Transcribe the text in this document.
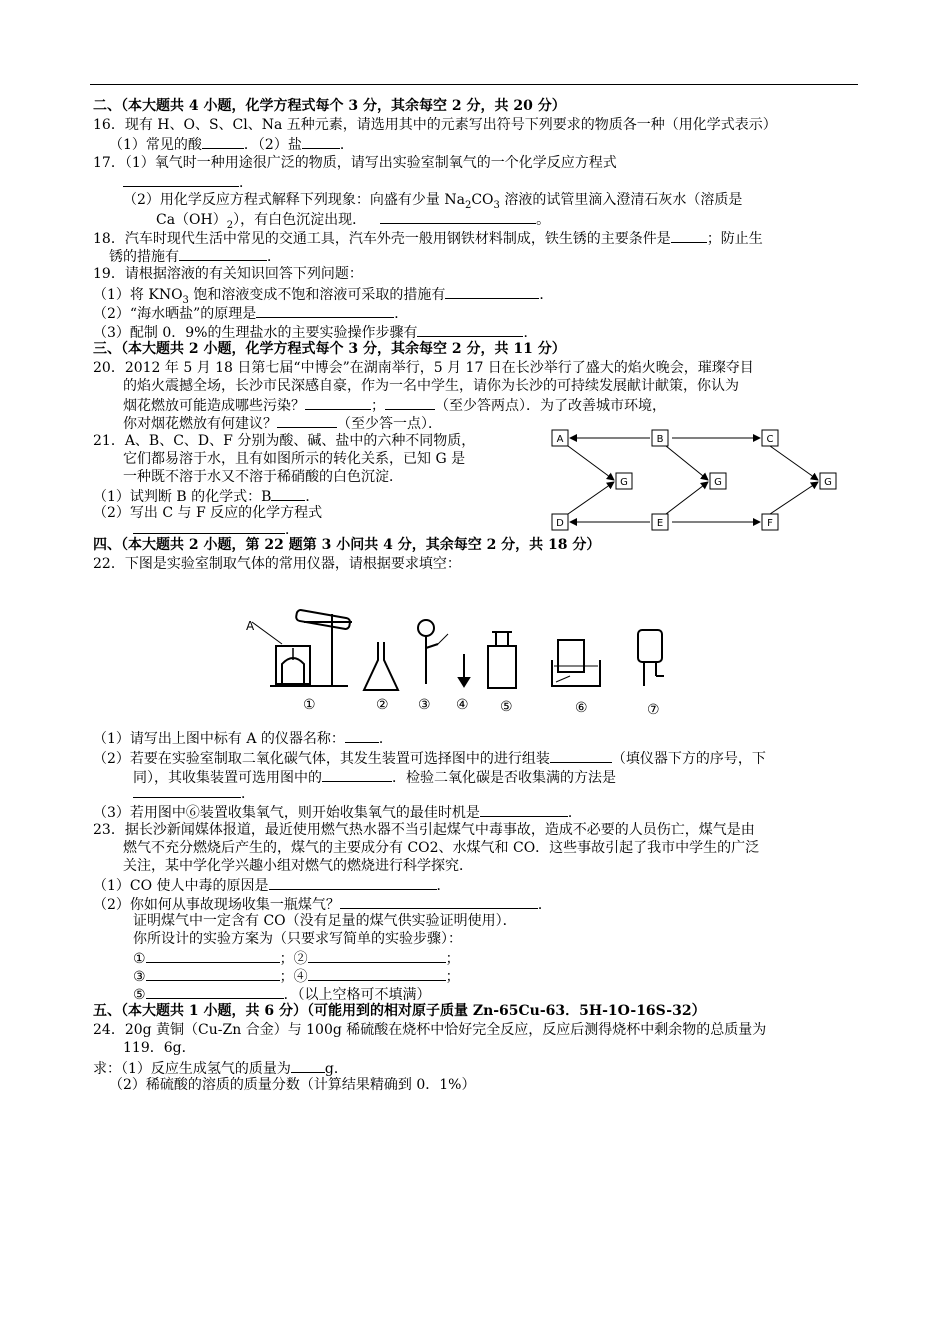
二、（本大题共 4 小题，化学方程式每个 3 分，其余每空 2 分，共 20 分）
16．现有 H、O、S、Cl、Na 五种元素，请选用其中的元素写出符号下列要求的物质各一种（用化学式表示）
（1）常见的酸	．（2）盐	．
17．（1）氧气时一种用途很广泛的物质，请写出实验室制氧气的一个化学反应方程式
．
（2）用化学反应方程式解释下列现象：向盛有少量 $Na_2CO_3$ 溶液的试管里滴入澄清石灰水（溶质是
$Ca(OH)_2$），有白色沉淀出现．	。
18．汽车时现代生活中常见的交通工具，汽车外壳一般用钢铁材料制成，铁生锈的主要条件是	；防止生
锈的措施有	．
19．请根据溶液的有关知识回答下列问题：
（1）将 $KNO_3$ 饱和溶液变成不饱和溶液可采取的措施有	．
（2）“海水晒盐”的原理是	．
（3）配制 0．9%的生理盐水的主要实验操作步骤有	．
三、（本大题共 2 小题，化学方程式每个 3 分，其余每空 2 分，共 11 分）
20．2012 年 5 月 18 日第七届“中博会”在湖南举行，5 月 17 日在长沙举行了盛大的焰火晚会，璀璨夺目
的焰火震撼全场，长沙市民深感自豪，作为一名中学生，请你为长沙的可持续发展献计献策，你认为
烟花燃放可能造成哪些污染？	；	（至少答两点）．为了改善城市环境，
你对烟花燃放有何建议？	（至少答一点）．
21．A、B、C、D、F 分别为酸、碱、盐中的六种不同物质，
它们都易溶于水，且有如图所示的转化关系，已知 G 是
一种既不溶于水又不溶于稀硝酸的白色沉淀．
（1）试判断 B 的化学式：B ．
（2）写出 C 与 F 反应的化学方程式
．
A	B	C
D	E	F
G	G	G
四、（本大题共 2 小题，第 22 题第 3 小问共 4 分，其余每空 2 分，共 18 分）
22．下图是实验室制取气体的常用仪器，请根据要求填空：
A
①	② ③ ④ ⑤	⑥	⑦
（1）请写出上图中标有 A 的仪器名称： ．
（2）若要在实验室制取二氧化碳气体，其发生装置可选择图中的进行组装	（填仪器下方的序号，下
同），其收集装置可选用图中的	．检验二氧化碳是否收集满的方法是
．
（3）若用图中⑥装置收集氧气，则开始收集氧气的最佳时机是	．
23．据长沙新闻媒体报道，最近使用燃气热水器不当引起煤气中毒事故，造成不必要的人员伤亡，煤气是由
燃气不充分燃烧后产生的，煤气的主要成分有 CO2、水煤气和 CO．这些事故引起了我市中学生的广泛
关注，某中学化学兴趣小组对燃气的燃烧进行科学探究．
（1）CO 使人中毒的原因是	．
（2）你如何从事故现场收集一瓶煤气？	．
证明煤气中一定含有 CO（没有足量的煤气供实验证明使用）．
你所设计的实验方案为（只要求写简单的实验步骤）：
①	；②	；
③	；④	；
⑤	．（以上空格可不填满）
五、（本大题共 1 小题，共 6 分）（可能用到的相对原子质量 Zn-65Cu-63．5H-1O-16S-32）
24．20g 黄铜（Cu-Zn 合金）与 100g 稀硫酸在烧杯中恰好完全反应，反应后测得烧杯中剩余物的总质量为
119．6g．
求：（1）反应生成氢气的质量为 g．
（2）稀硫酸的溶质的质量分数（计算结果精确到 0．1%）
